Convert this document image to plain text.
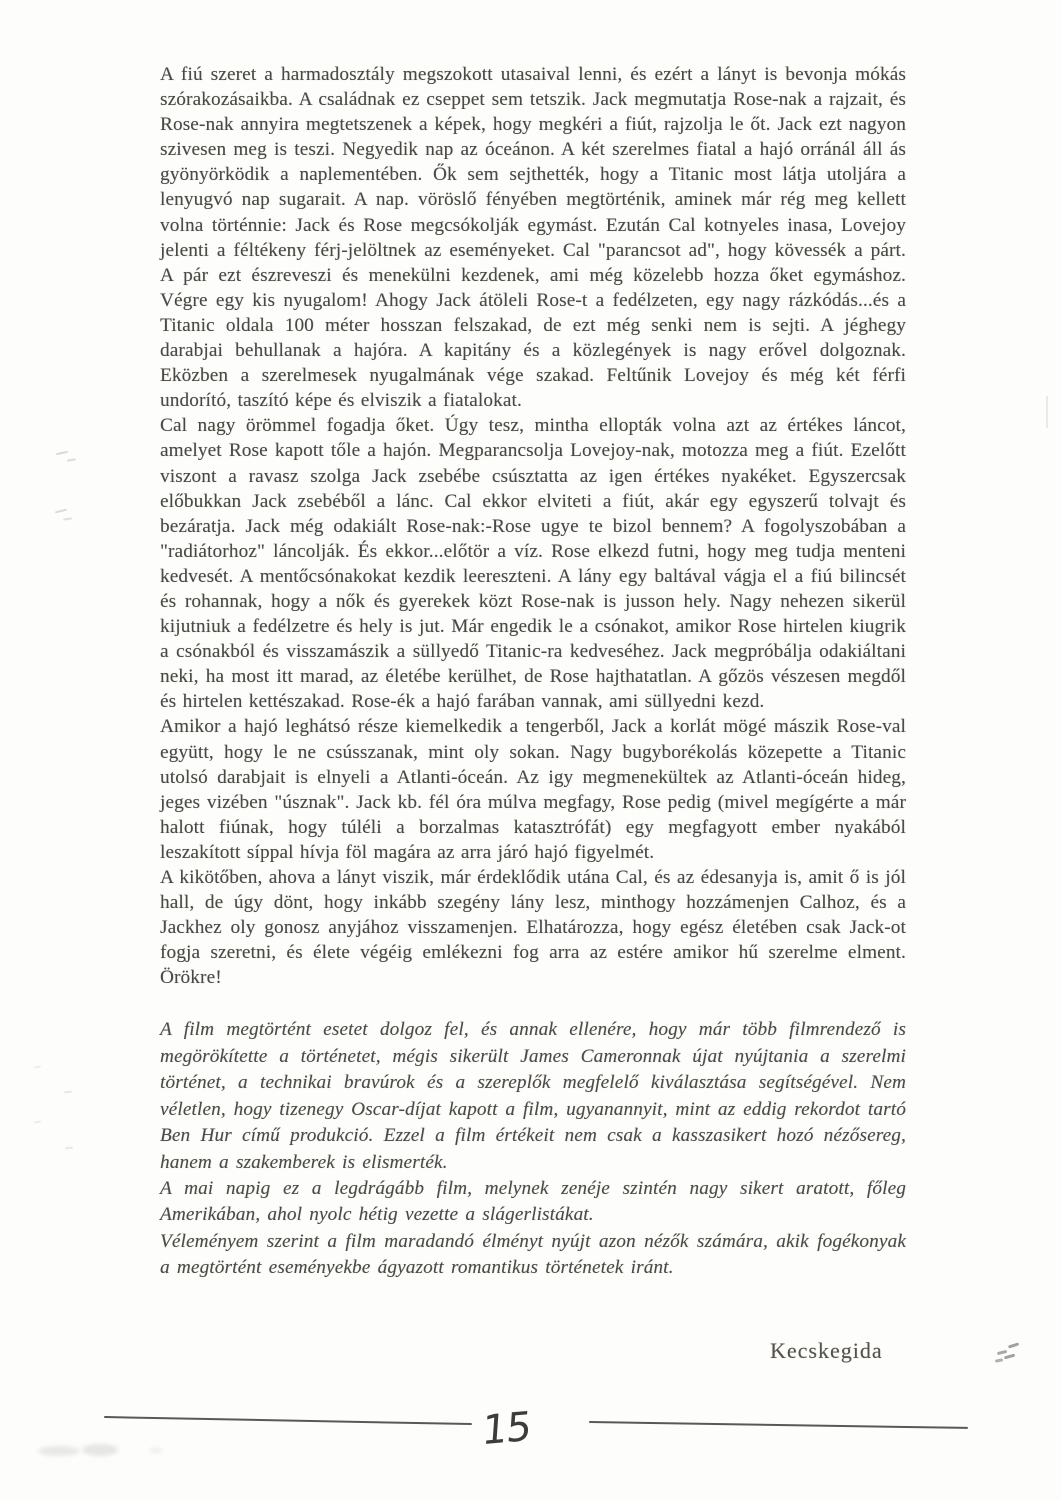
A fiú szeret a harmadosztály megszokott utasaival lenni, és ezért a lányt is bevonja mókás szórakozásaikba. A családnak ez cseppet sem tetszik. Jack megmutatja Rose-nak a rajzait, és Rose-nak annyira megtetszenek a képek, hogy megkéri a fiút, rajzolja le őt. Jack ezt nagyon szivesen meg is teszi. Negyedik nap az óceánon. A két szerelmes fiatal a hajó orránál áll ás gyönyörködik a naplementében. Ők sem sejthették, hogy a Titanic most látja utoljára a lenyugvó nap sugarait. A nap. vöröslő fényében megtörténik, aminek már rég meg kellett volna történnie: Jack és Rose megcsókolják egymást. Ezután Cal kotnyeles inasa, Lovejoy jelenti a féltékeny férj-jelöltnek az eseményeket. Cal "parancsot ad", hogy kövessék a párt. A pár ezt észreveszi és menekülni kezdenek, ami még közelebb hozza őket egymáshoz. Végre egy kis nyugalom! Ahogy Jack átöleli Rose-t a fedélzeten, egy nagy rázkódás...és a Titanic oldala 100 méter hosszan felszakad, de ezt még senki nem is sejti. A jéghegy darabjai behullanak a hajóra. A kapitány és a közlegények is nagy erővel dolgoznak. Eközben a szerelmesek nyugalmának vége szakad. Feltűnik Lovejoy és még két férfi undorító, taszító képe és elviszik a fiatalokat.

Cal nagy örömmel fogadja őket. Úgy tesz, mintha ellopták volna azt az értékes láncot, amelyet Rose kapott tőle a hajón. Megparancsolja Lovejoy-nak, motozza meg a fiút. Ezelőtt viszont a ravasz szolga Jack zsebébe csúsztatta az igen értékes nyakéket. Egyszercsak előbukkan Jack zsebéből a lánc. Cal ekkor elviteti a fiút, akár egy egyszerű tolvajt és bezáratja. Jack még odakiált Rose-nak:-Rose ugye te bizol bennem? A fogolyszobában a "radiátorhoz" láncolják. És ekkor...előtör a víz. Rose elkezd futni, hogy meg tudja menteni kedvesét. A mentőcsónakokat kezdik leereszteni. A lány egy baltával vágja el a fiú bilincsét és rohannak, hogy a nők és gyerekek közt Rose-nak is jusson hely. Nagy nehezen sikerül kijutniuk a fedélzetre és hely is jut. Már engedik le a csónakot, amikor Rose hirtelen kiugrik a csónakból és visszamászik a süllyedő Titanic-ra kedveséhez. Jack megpróbálja odakiáltani neki, ha most itt marad, az életébe kerülhet, de Rose hajthatatlan. A gőzös vészesen megdől és hirtelen kettészakad. Rose-ék a hajó farában vannak, ami süllyedni kezd.

Amikor a hajó leghátsó része kiemelkedik a tengerből, Jack a korlát mögé mászik Rose-val együtt, hogy le ne csússzanak, mint oly sokan. Nagy bugyborékolás közepette a Titanic utolsó darabjait is elnyeli a Atlanti-óceán. Az igy megmenekültek az Atlanti-óceán hideg, jeges vizében "úsznak". Jack kb. fél óra múlva megfagy, Rose pedig (mivel megígérte a már halott fiúnak, hogy túléli a borzalmas katasztrófát) egy megfagyott ember nyakából leszakított síppal hívja föl magára az arra járó hajó figyelmét.

A kikötőben, ahova a lányt viszik, már érdeklődik utána Cal, és az édesanyja is, amit ő is jól hall, de úgy dönt, hogy inkább szegény lány lesz, minthogy hozzámenjen Calhoz, és a Jackhez oly gonosz anyjához visszamenjen. Elhatározza, hogy egész életében csak Jack-ot fogja szeretni, és élete végéig emlékezni fog arra az estére amikor hű szerelme elment. Örökre!

A film megtörtént esetet dolgoz fel, és annak ellenére, hogy már több filmrendező is megörökítette a történetet, mégis sikerült James Cameronnak újat nyújtania a szerelmi történet, a technikai bravúrok és a szereplők megfelelő kiválasztása segítségével. Nem véletlen, hogy tizenegy Oscar-díjat kapott a film, ugyanannyit, mint az eddig rekordot tartó Ben Hur című produkció. Ezzel a film értékeit nem csak a kasszasikert hozó nézősereg, hanem a szakemberek is elismerték.

A mai napig ez a legdrágább film, melynek zenéje szintén nagy sikert aratott, főleg Amerikában, ahol nyolc hétig vezette a slágerlistákat.

Véleményem szerint a film maradandó élményt nyújt azon nézők számára, akik fogékonyak a megtörtént eseményekbe ágyazott romantikus történetek iránt.

Kecskegida
15
